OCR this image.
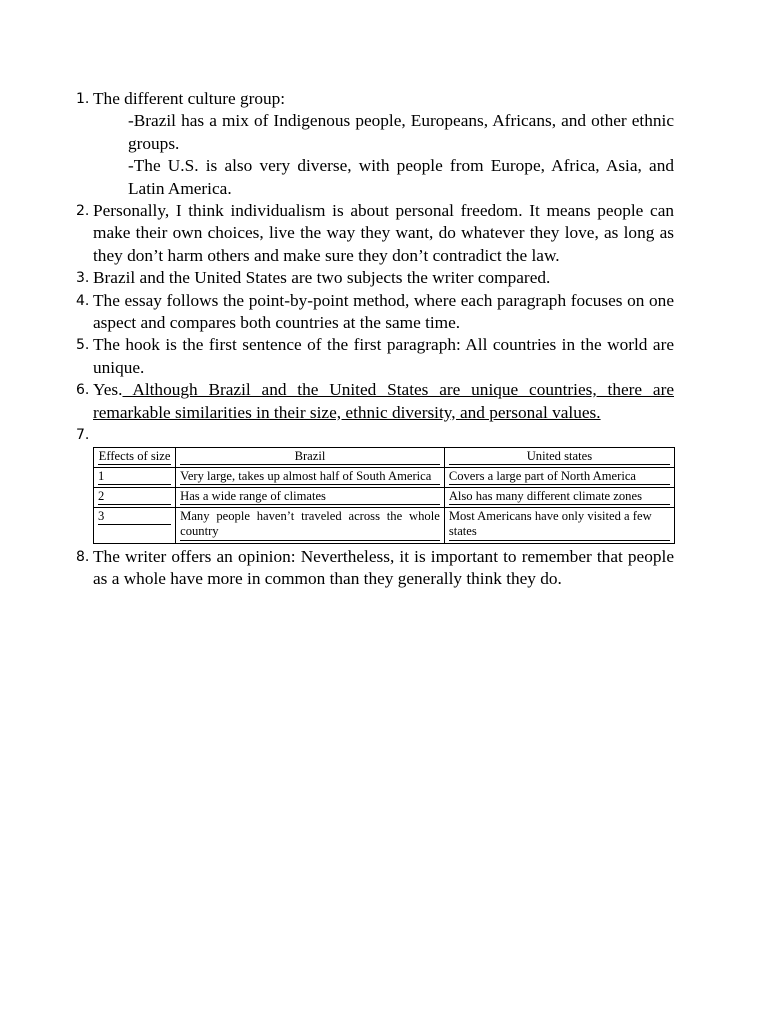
1. The different culture group:
-Brazil has a mix of Indigenous people, Europeans, Africans, and other ethnic groups.
-The U.S. is also very diverse, with people from Europe, Africa, Asia, and Latin America.
2. Personally, I think individualism is about personal freedom. It means people can make their own choices, live the way they want, do whatever they love, as long as they don’t harm others and make sure they don’t contradict the law.
3. Brazil and the United States are two subjects the writer compared.
4. The essay follows the point-by-point method, where each paragraph focuses on one aspect and compares both countries at the same time.
5. The hook is the first sentence of the first paragraph: All countries in the world are unique.
6. Yes. Although Brazil and the United States are unique countries, there are remarkable similarities in their size, ethnic diversity, and personal values.
7.

Effects of size	Brazil	United states

1	Very large, takes up almost half of South America	Covers a large part of North America

2	Has a wide range of climates	Also has many different climate zones

3	Many people haven’t traveled across the whole country	Most Americans have only visited a few states
8. The writer offers an opinion: Nevertheless, it is important to remember that people as a whole have more in common than they generally think they do.
